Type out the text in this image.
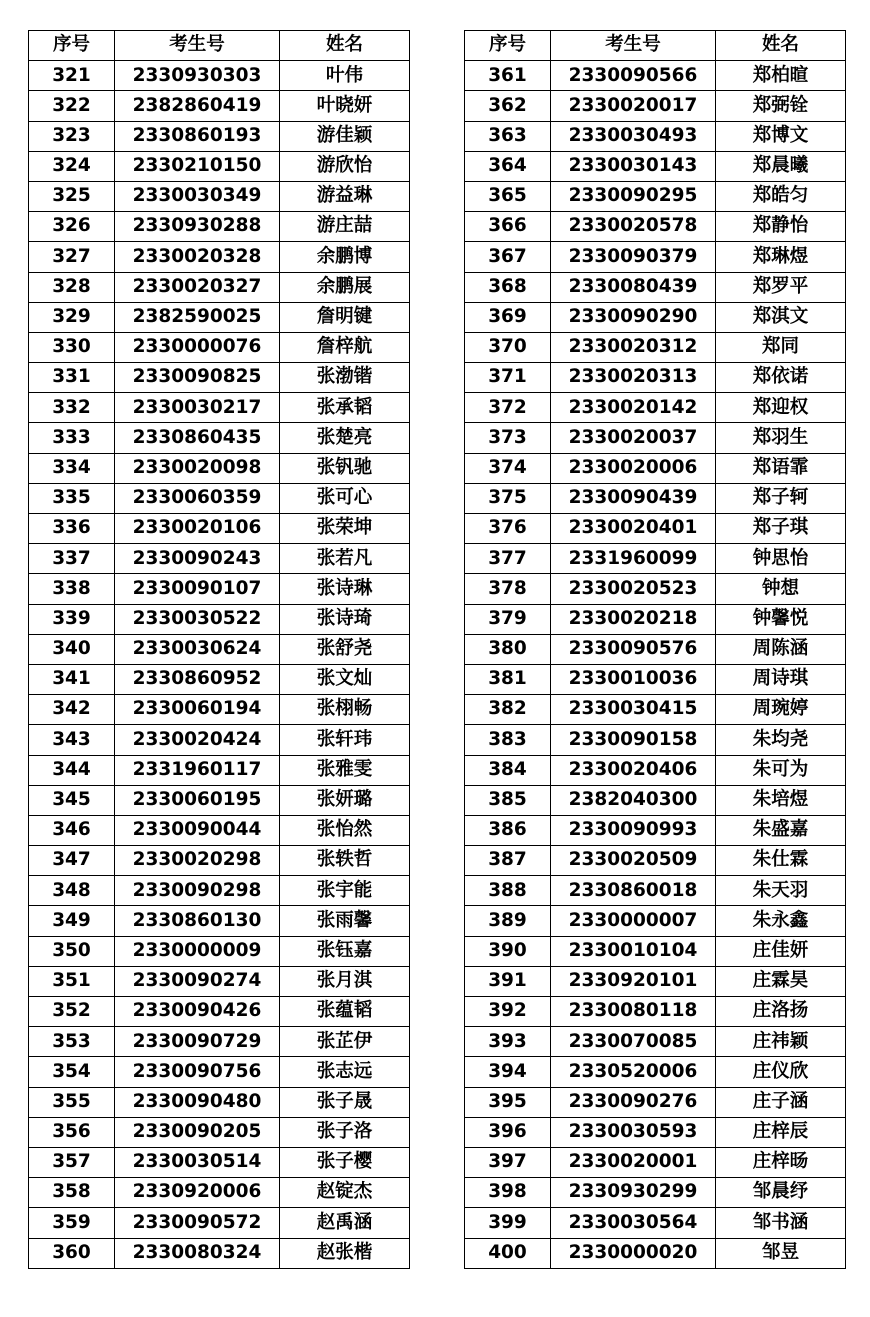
序号	考生号	姓名
321	2330930303	叶伟
322	2382860419	叶晓妍
323	2330860193	游佳颖
324	2330210150	游欣怡
325	2330030349	游益琳
326	2330930288	游庄喆
327	2330020328	余鹏博
328	2330020327	余鹏展
329	2382590025	詹明键
330	2330000076	詹梓航
331	2330090825	张渤锴
332	2330030217	张承韬
333	2330860435	张楚亮
334	2330020098	张钒驰
335	2330060359	张可心
336	2330020106	张荣坤
337	2330090243	张若凡
338	2330090107	张诗琳
339	2330030522	张诗琦
340	2330030624	张舒尧
341	2330860952	张文灿
342	2330060194	张栩畅
343	2330020424	张轩玮
344	2331960117	张雅雯
345	2330060195	张妍璐
346	2330090044	张怡然
347	2330020298	张轶哲
348	2330090298	张宇能
349	2330860130	张雨馨
350	2330000009	张钰嘉
351	2330090274	张月淇
352	2330090426	张蕴韬
353	2330090729	张芷伊
354	2330090756	张志远
355	2330090480	张子晟
356	2330090205	张子洛
357	2330030514	张子樱
358	2330920006	赵锭杰
359	2330090572	赵禹涵
360	2330080324	赵张楷
序号	考生号	姓名
361	2330090566	郑柏暄
362	2330020017	郑弼铨
363	2330030493	郑博文
364	2330030143	郑晨曦
365	2330090295	郑皓匀
366	2330020578	郑静怡
367	2330090379	郑琳煜
368	2330080439	郑罗平
369	2330090290	郑淇文
370	2330020312	郑同
371	2330020313	郑依诺
372	2330020142	郑迎权
373	2330020037	郑羽生
374	2330020006	郑语霏
375	2330090439	郑子轲
376	2330020401	郑子琪
377	2331960099	钟思怡
378	2330020523	钟想
379	2330020218	钟馨悦
380	2330090576	周陈涵
381	2330010036	周诗琪
382	2330030415	周琬婷
383	2330090158	朱均尧
384	2330020406	朱可为
385	2382040300	朱培煜
386	2330090993	朱盛嘉
387	2330020509	朱仕霖
388	2330860018	朱天羽
389	2330000007	朱永鑫
390	2330010104	庄佳妍
391	2330920101	庄霖昊
392	2330080118	庄洛扬
393	2330070085	庄祎颖
394	2330520006	庄仪欣
395	2330090276	庄子涵
396	2330030593	庄梓辰
397	2330020001	庄梓旸
398	2330930299	邹晨纾
399	2330030564	邹书涵
400	2330000020	邹昱
